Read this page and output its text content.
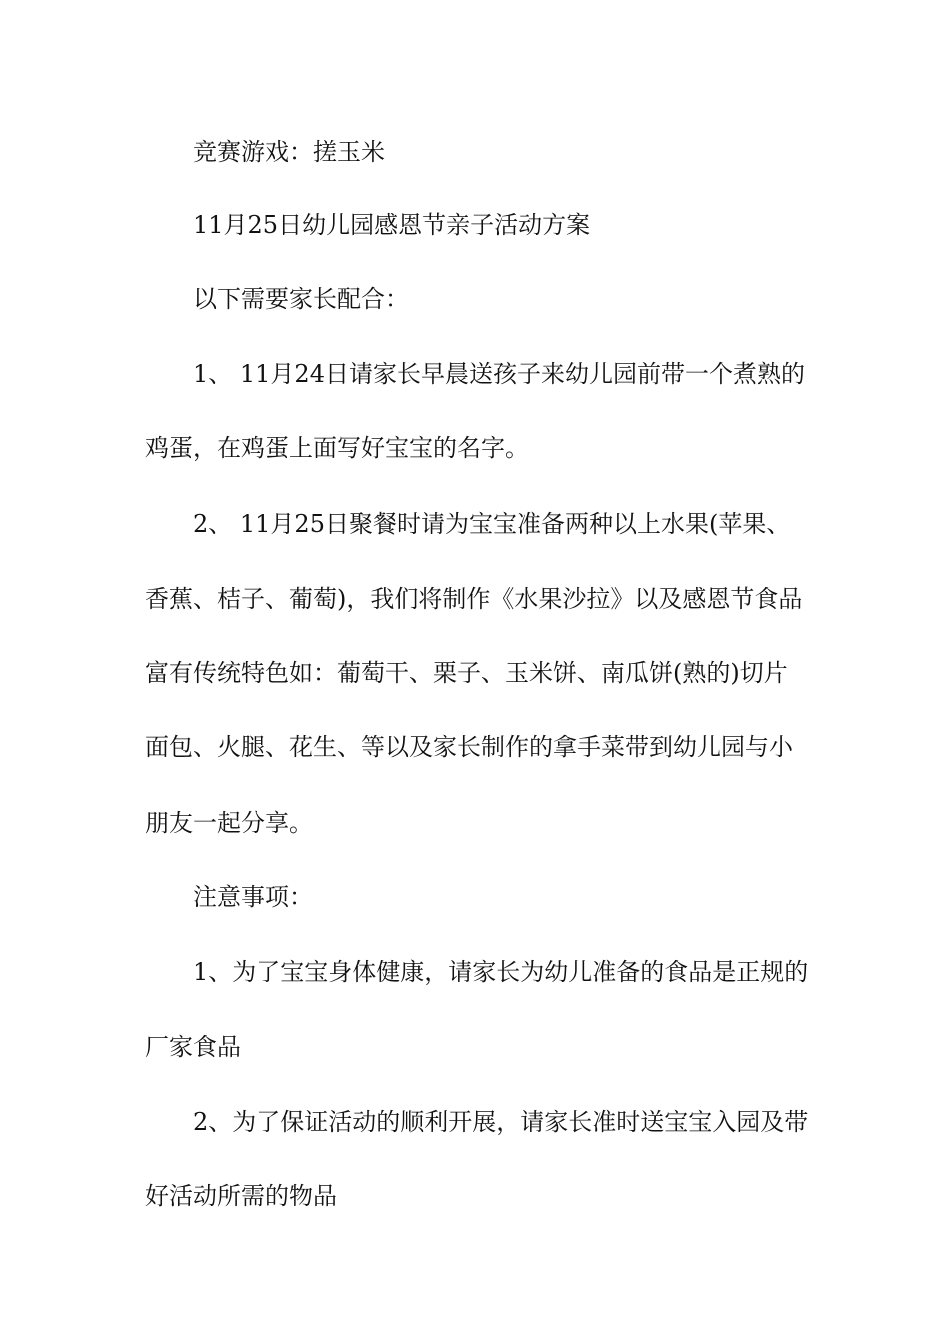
竞赛游戏：搓玉米
11月25日幼儿园感恩节亲子活动方案
以下需要家长配合：
1、 11月24日请家长早晨送孩子来幼儿园前带一个煮熟的
鸡蛋，在鸡蛋上面写好宝宝的名字。
2、 11月25日聚餐时请为宝宝准备两种以上水果(苹果、
香蕉、桔子、葡萄)，我们将制作《水果沙拉》以及感恩节食品
富有传统特色如：葡萄干、栗子、玉米饼、南瓜饼(熟的)切片
面包、火腿、花生、等以及家长制作的拿手菜带到幼儿园与小
朋友一起分享。
注意事项：
1、为了宝宝身体健康，请家长为幼儿准备的食品是正规的
厂家食品
2、为了保证活动的顺利开展，请家长准时送宝宝入园及带
好活动所需的物品
